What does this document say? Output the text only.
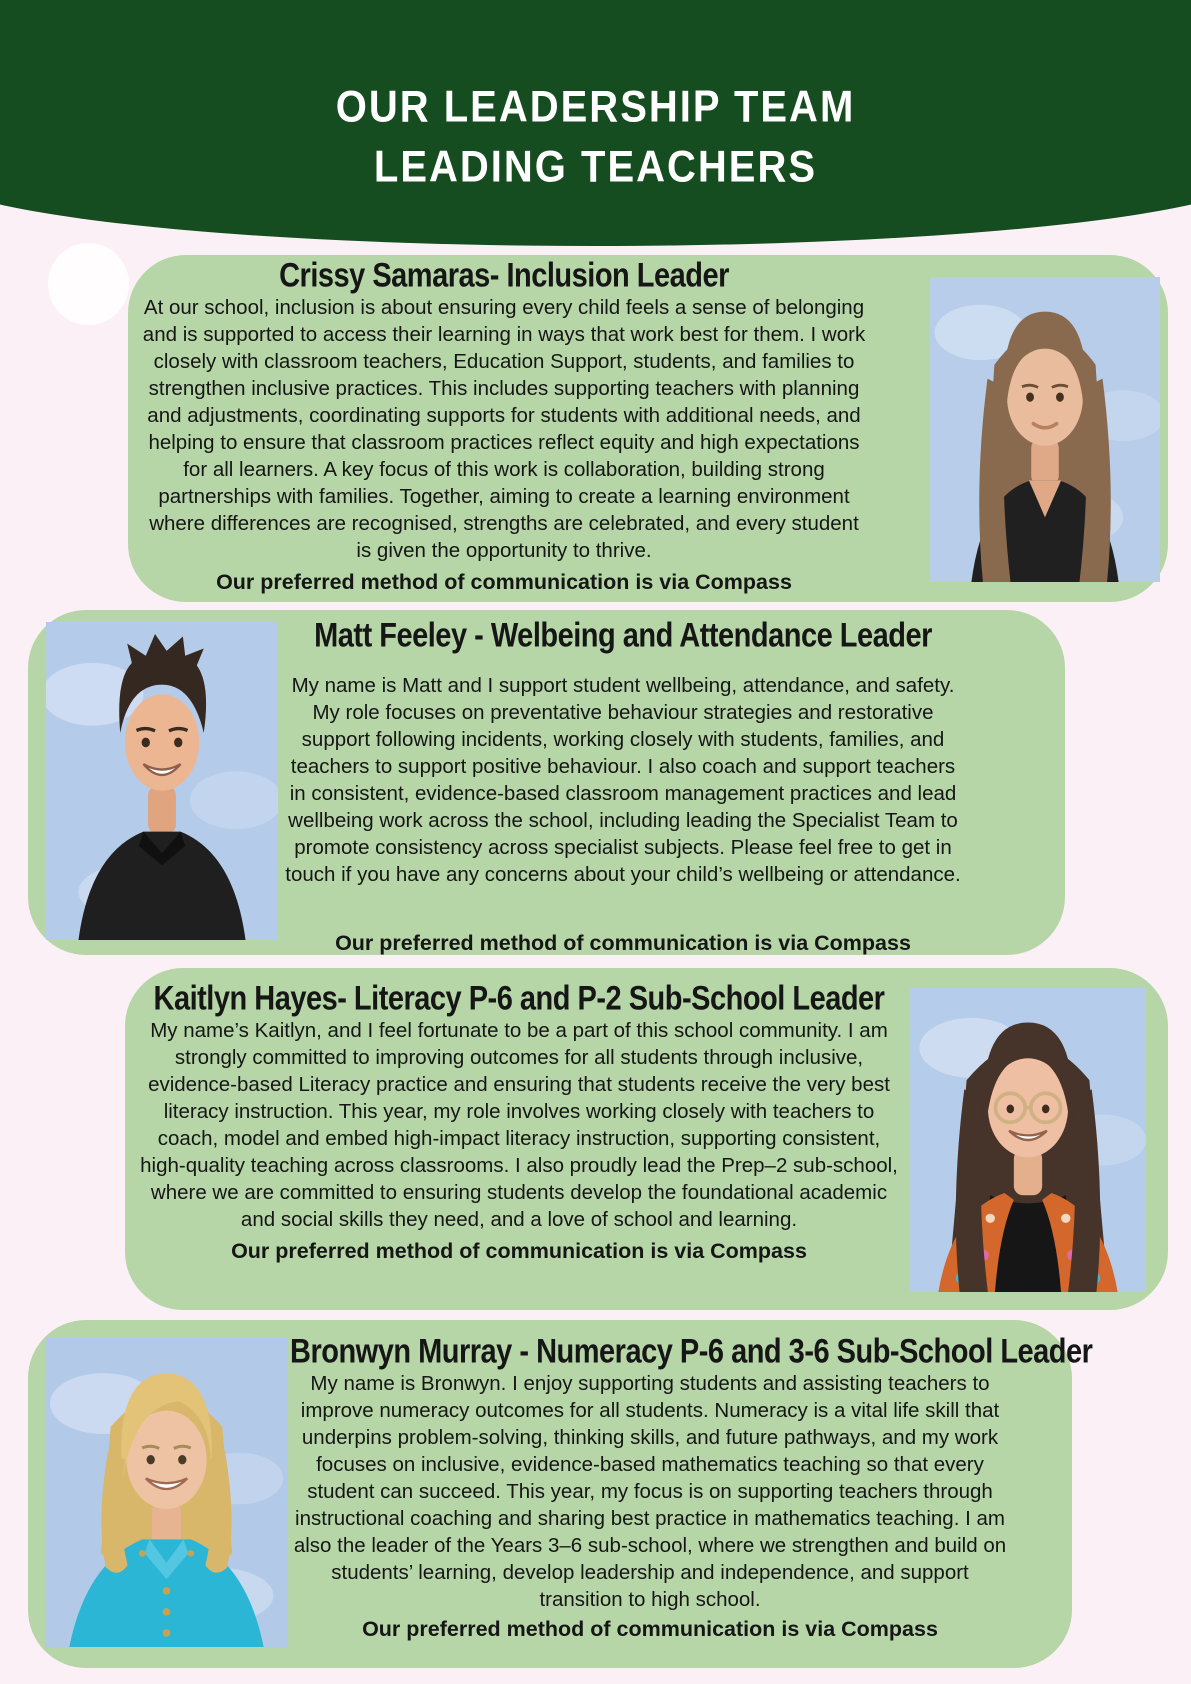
OUR LEADERSHIP TEAM
LEADING TEACHERS
Crissy Samaras- Inclusion Leader

At our school, inclusion is about ensuring every child feels a sense of belonging and is supported to access their learning in ways that work best for them. I work closely with classroom teachers, Education Support, students, and families to strengthen inclusive practices. This includes supporting teachers with planning and adjustments, coordinating supports for students with additional needs, and helping to ensure that classroom practices reflect equity and high expectations for all learners. A key focus of this work is collaboration, building strong partnerships with families. Together, aiming to create a learning environment where differences are recognised, strengths are celebrated, and every student is given the opportunity to thrive.

Our preferred method of communication is via Compass

Matt Feeley - Welbeing and Attendance Leader

My name is Matt and I support student wellbeing, attendance, and safety. My role focuses on preventative behaviour strategies and restorative support following incidents, working closely with students, families, and teachers to support positive behaviour. I also coach and support teachers in consistent, evidence-based classroom management practices and lead wellbeing work across the school, including leading the Specialist Team to promote consistency across specialist subjects. Please feel free to get in touch if you have any concerns about your child’s wellbeing or attendance.

Our preferred method of communication is via Compass

Kaitlyn Hayes- Literacy P-6 and P-2 Sub-School Leader

My name’s Kaitlyn, and I feel fortunate to be a part of this school community. I am strongly committed to improving outcomes for all students through inclusive, evidence-based Literacy practice and ensuring that students receive the very best literacy instruction. This year, my role involves working closely with teachers to coach, model and embed high-impact literacy instruction, supporting consistent, high-quality teaching across classrooms. I also proudly lead the Prep–2 sub-school, where we are committed to ensuring students develop the foundational academic and social skills they need, and a love of school and learning.

Our preferred method of communication is via Compass

Bronwyn Murray - Numeracy P-6 and 3-6 Sub-School Leader

My name is Bronwyn. I enjoy supporting students and assisting teachers to improve numeracy outcomes for all students. Numeracy is a vital life skill that underpins problem-solving, thinking skills, and future pathways, and my work focuses on inclusive, evidence-based mathematics teaching so that every student can succeed. This year, my focus is on supporting teachers through instructional coaching and sharing best practice in mathematics teaching. I am also the leader of the Years 3–6 sub-school, where we strengthen and build on students’ learning, develop leadership and independence, and support transition to high school.

Our preferred method of communication is via Compass
